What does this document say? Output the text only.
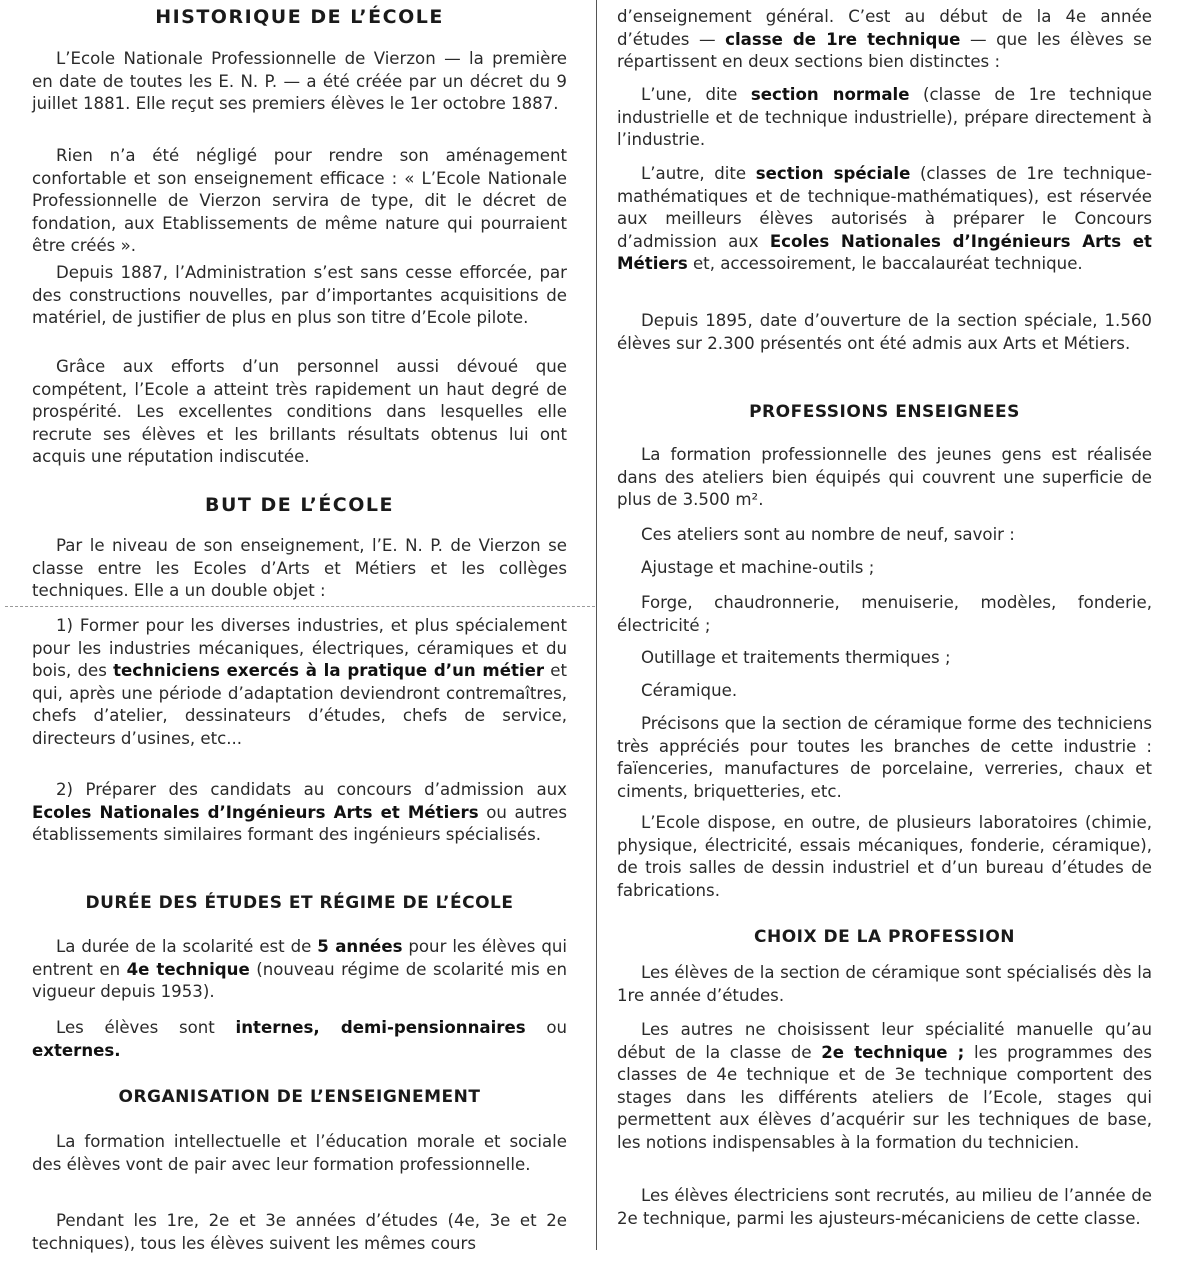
HISTORIQUE DE L’ÉCOLE

L’Ecole Nationale Professionnelle de Vierzon — la première en date de toutes les E. N. P. — a été créée par un décret du 9 juillet 1881. Elle reçut ses premiers élèves le 1er octobre 1887.

Rien n’a été négligé pour rendre son aménagement confortable et son enseignement efficace : « L’Ecole Nationale Professionnelle de Vierzon servira de type, dit le décret de fondation, aux Etablissements de même nature qui pourraient être créés ».

Depuis 1887, l’Administration s’est sans cesse efforcée, par des constructions nouvelles, par d’importantes acquisitions de matériel, de justifier de plus en plus son titre d’Ecole pilote.

Grâce aux efforts d’un personnel aussi dévoué que compétent, l’Ecole a atteint très rapidement un haut degré de prospérité. Les excellentes conditions dans lesquelles elle recrute ses élèves et les brillants résultats obtenus lui ont acquis une réputation indiscutée.

BUT DE L’ÉCOLE

Par le niveau de son enseignement, l’E. N. P. de Vierzon se classe entre les Ecoles d’Arts et Métiers et les collèges techniques. Elle a un double objet :

1) Former pour les diverses industries, et plus spécialement pour les industries mécaniques, électriques, céramiques et du bois, des techniciens exercés à la pratique d’un métier et qui, après une période d’adaptation deviendront contremaîtres, chefs d’atelier, dessinateurs d’études, chefs de service, directeurs d’usines, etc...

2) Préparer des candidats au concours d’admission aux Ecoles Nationales d’Ingénieurs Arts et Métiers ou autres établissements similaires formant des ingénieurs spécialisés.

DURÉE DES ÉTUDES ET RÉGIME DE L’ÉCOLE

La durée de la scolarité est de 5 années pour les élèves qui entrent en 4e technique (nouveau régime de scolarité mis en vigueur depuis 1953).

Les élèves sont internes, demi-pensionnaires ou externes.

ORGANISATION DE L’ENSEIGNEMENT

La formation intellectuelle et l’éducation morale et sociale des élèves vont de pair avec leur formation professionnelle.

Pendant les 1re, 2e et 3e années d’études (4e, 3e et 2e techniques), tous les élèves suivent les mêmes cours

d’enseignement général. C’est au début de la 4e année d’études — classe de 1re technique — que les élèves se répartissent en deux sections bien distinctes :

L’une, dite section normale (classe de 1re technique industrielle et de technique industrielle), prépare directement à l’industrie.

L’autre, dite section spéciale (classes de 1re technique-mathématiques et de technique-mathématiques), est réservée aux meilleurs élèves autorisés à préparer le Concours d’admission aux Ecoles Nationales d’Ingénieurs Arts et Métiers et, accessoirement, le baccalauréat technique.

Depuis 1895, date d’ouverture de la section spéciale, 1.560 élèves sur 2.300 présentés ont été admis aux Arts et Métiers.

PROFESSIONS ENSEIGNEES

La formation professionnelle des jeunes gens est réalisée dans des ateliers bien équipés qui couvrent une superficie de plus de 3.500 m².

Ces ateliers sont au nombre de neuf, savoir :

Ajustage et machine-outils ;

Forge, chaudronnerie, menuiserie, modèles, fonderie, électricité ;

Outillage et traitements thermiques ;

Céramique.

Précisons que la section de céramique forme des techniciens très appréciés pour toutes les branches de cette industrie : faïenceries, manufactures de porcelaine, verreries, chaux et ciments, briquetteries, etc.

L’Ecole dispose, en outre, de plusieurs laboratoires (chimie, physique, électricité, essais mécaniques, fonderie, céramique), de trois salles de dessin industriel et d’un bureau d’études de fabrications.

CHOIX DE LA PROFESSION

Les élèves de la section de céramique sont spécialisés dès la 1re année d’études.

Les autres ne choisissent leur spécialité manuelle qu’au début de la classe de 2e technique ; les programmes des classes de 4e technique et de 3e technique comportent des stages dans les différents ateliers de l’Ecole, stages qui permettent aux élèves d’acquérir sur les techniques de base, les notions indispensables à la formation du technicien.

Les élèves électriciens sont recrutés, au milieu de l’année de 2e technique, parmi les ajusteurs-mécaniciens de cette classe.
